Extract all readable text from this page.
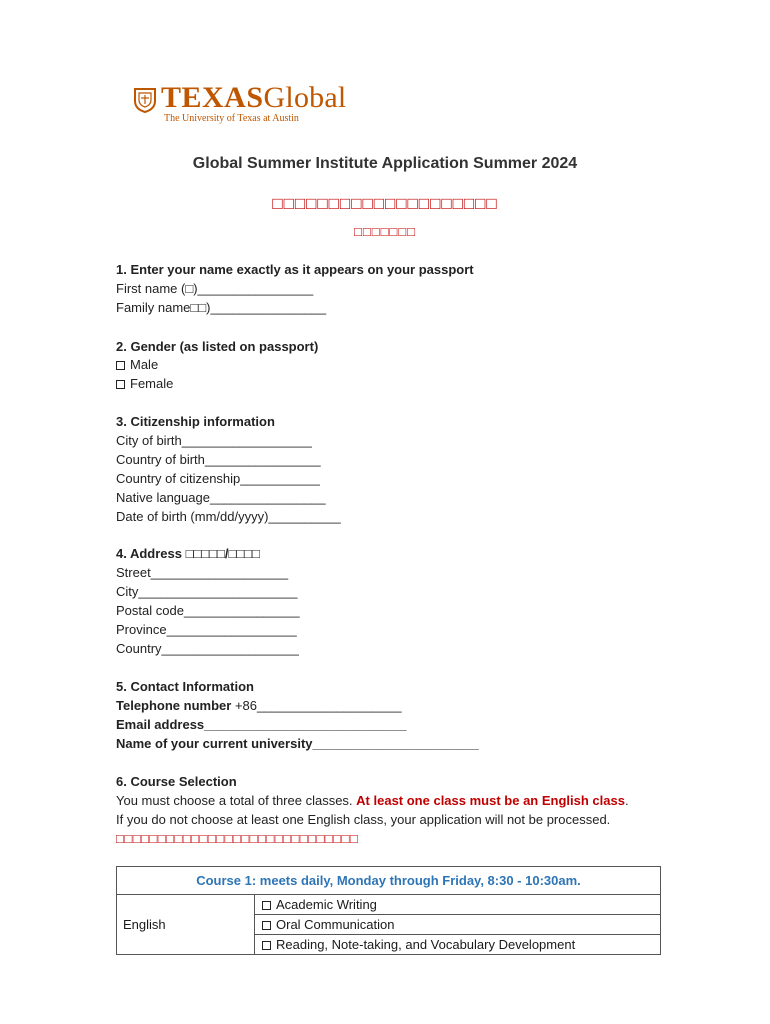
TEXASGlobal
The University of Texas at Austin
Global Summer Institute Application Summer 2024
□□□□□□□□□□□□□□□□□□□□
□□□□□□□
1. Enter your name exactly as it appears on your passport
First name (□)________________
Family name□□)________________
2. Gender (as listed on passport)
Male
Female
3. Citizenship information
City of birth__________________
Country of birth________________
Country of citizenship___________
Native language________________
Date of birth (mm/dd/yyyy)__________
4. Address □□□□□/□□□□
Street___________________
City______________________
Postal code________________
Province__________________
Country___________________
5. Contact Information
Telephone number +86____________________
Email address____________________________
Name of your current university_______________________
6. Course Selection
You must choose a total of three classes. At least one class must be an English class.
If you do not choose at least one English class, your application will not be processed.
□□□□□□□□□□□□□□□□□□□□□□□□□□□□□
Course 1: meets daily, Monday through Friday, 8:30 - 10:30am.
English	Academic Writing
Oral Communication
Reading, Note-taking, and Vocabulary Development
